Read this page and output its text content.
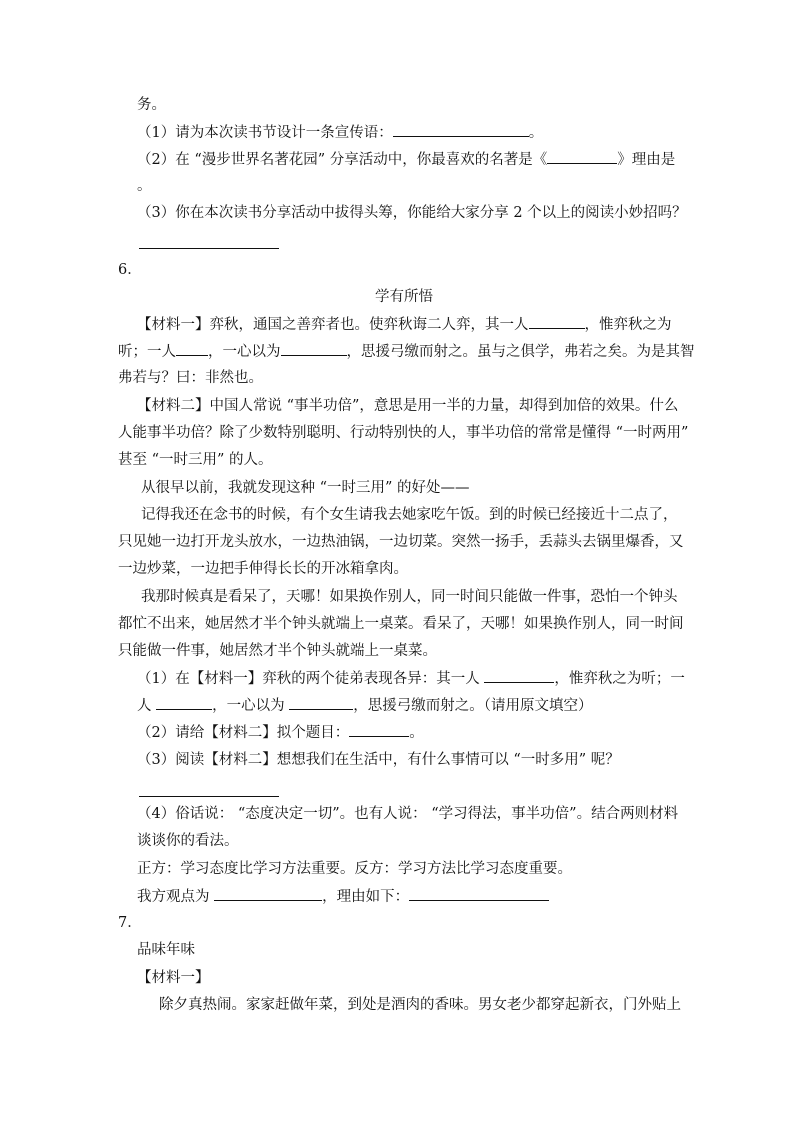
务。
（1）请为本次读书节设计一条宣传语：	。
（2）在 “漫步世界名著花园” 分享活动中，你最喜欢的名著是《	》理由是
。
（3）你在本次读书分享活动中拔得头筹，你能给大家分享 2 个以上的阅读小妙招吗？
6．
学有所悟
【材料一】弈秋，通国之善弈者也。使弈秋诲二人弈，其一人	，惟弈秋之为
听；一人 ，一心以为	，思援弓缴而射之。虽与之俱学，弗若之矣。为是其智
弗若与？曰：非然也。
【材料二】中国人常说 “事半功倍”，意思是用一半的力量，却得到加倍的效果。什么
人能事半功倍？除了少数特别聪明、行动特别快的人，事半功倍的常常是懂得 “一时两用”
甚至 “一时三用” 的人。
从很早以前，我就发现这种 “一时三用” 的好处——
记得我还在念书的时候，有个女生请我去她家吃午饭。到的时候已经接近十二点了，
只见她一边打开龙头放水，一边热油锅，一边切菜。突然一扬手，丢蒜头去锅里爆香，又
一边炒菜，一边把手伸得长长的开冰箱拿肉。
我那时候真是看呆了，天哪！如果换作别人，同一时间只能做一件事，恐怕一个钟头
都忙不出来，她居然才半个钟头就端上一桌菜。看呆了，天哪！如果换作别人，同一时间
只能做一件事，她居然才半个钟头就端上一桌菜。
（1）在【材料一】弈秋的两个徒弟表现各异：其一人	，惟弈秋之为听；一
人	，一心以为	，思援弓缴而射之。（请用原文填空）
（2）请给【材料二】拟个题目：	。
（3）阅读【材料二】想想我们在生活中，有什么事情可以 “一时多用” 呢？
（4）俗话说： “态度决定一切”。也有人说： “学习得法，事半功倍”。结合两则材料
谈谈你的看法。
正方：学习态度比学习方法重要。反方：学习方法比学习态度重要。
我方观点为	，理由如下：
7．
品味年味
【材料一】
除夕真热闹。家家赶做年菜，到处是酒肉的香味。男女老少都穿起新衣，门外贴上
